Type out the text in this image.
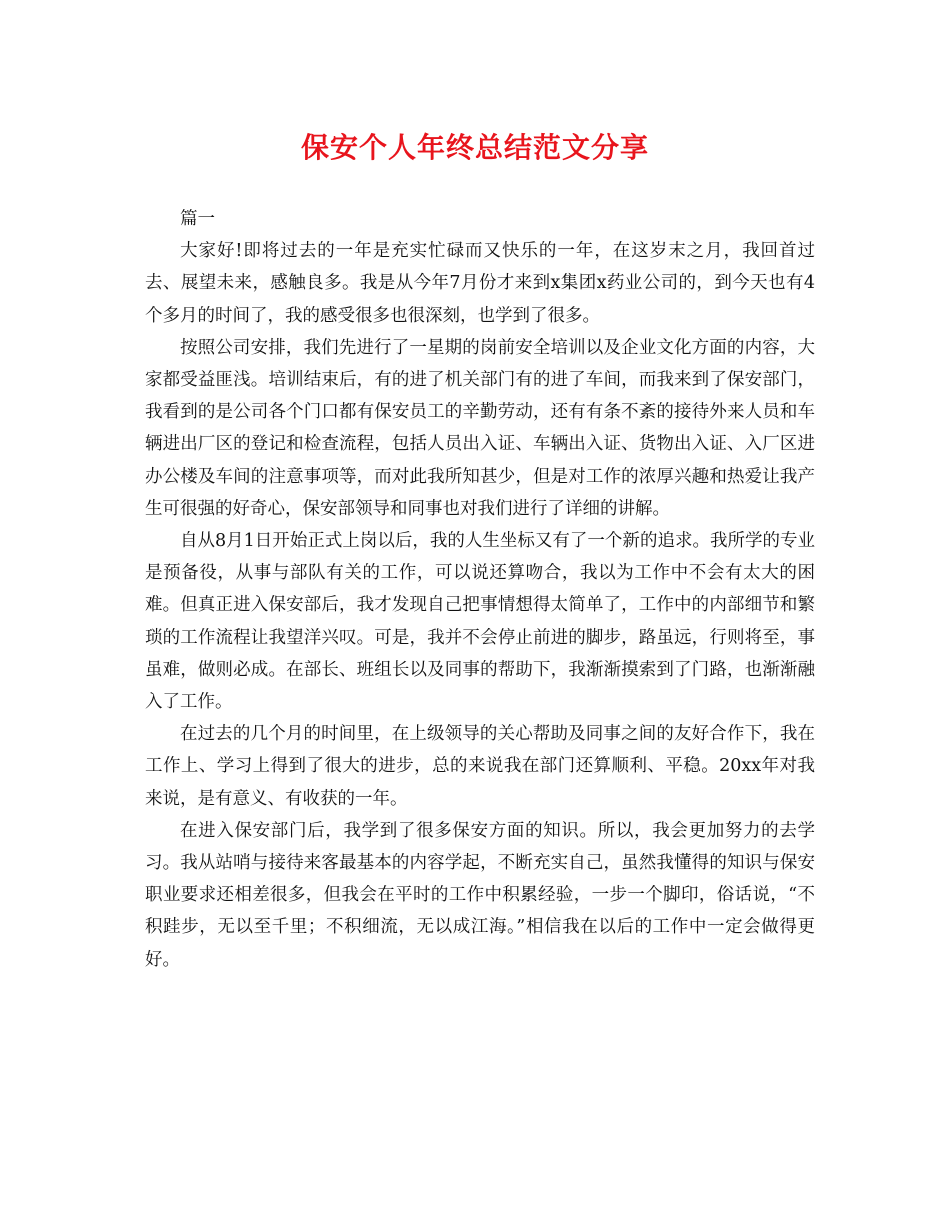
保安个人年终总结范文分享

篇一

大家好!即将过去的一年是充实忙碌而又快乐的一年，在这岁末之月，我回首过去、展望未来，感触良多。我是从今年7月份才来到x集团x药业公司的，到今天也有4个多月的时间了，我的感受很多也很深刻，也学到了很多。

按照公司安排，我们先进行了一星期的岗前安全培训以及企业文化方面的内容，大家都受益匪浅。培训结束后，有的进了机关部门有的进了车间，而我来到了保安部门，我看到的是公司各个门口都有保安员工的辛勤劳动，还有有条不紊的接待外来人员和车辆进出厂区的登记和检查流程，包括人员出入证、车辆出入证、货物出入证、入厂区进办公楼及车间的注意事项等，而对此我所知甚少，但是对工作的浓厚兴趣和热爱让我产生可很强的好奇心，保安部领导和同事也对我们进行了详细的讲解。

自从8月1日开始正式上岗以后，我的人生坐标又有了一个新的追求。我所学的专业是预备役，从事与部队有关的工作，可以说还算吻合，我以为工作中不会有太大的困难。但真正进入保安部后，我才发现自己把事情想得太简单了，工作中的内部细节和繁琐的工作流程让我望洋兴叹。可是，我并不会停止前进的脚步，路虽远，行则将至，事虽难，做则必成。在部长、班组长以及同事的帮助下，我渐渐摸索到了门路，也渐渐融入了工作。

在过去的几个月的时间里，在上级领导的关心帮助及同事之间的友好合作下，我在工作上、学习上得到了很大的进步，总的来说我在部门还算顺利、平稳。20xx年对我来说，是有意义、有收获的一年。

在进入保安部门后，我学到了很多保安方面的知识。所以，我会更加努力的去学习。我从站哨与接待来客最基本的内容学起，不断充实自己，虽然我懂得的知识与保安职业要求还相差很多，但我会在平时的工作中积累经验，一步一个脚印，俗话说，“不积跬步，无以至千里；不积细流，无以成江海。”相信我在以后的工作中一定会做得更好。
